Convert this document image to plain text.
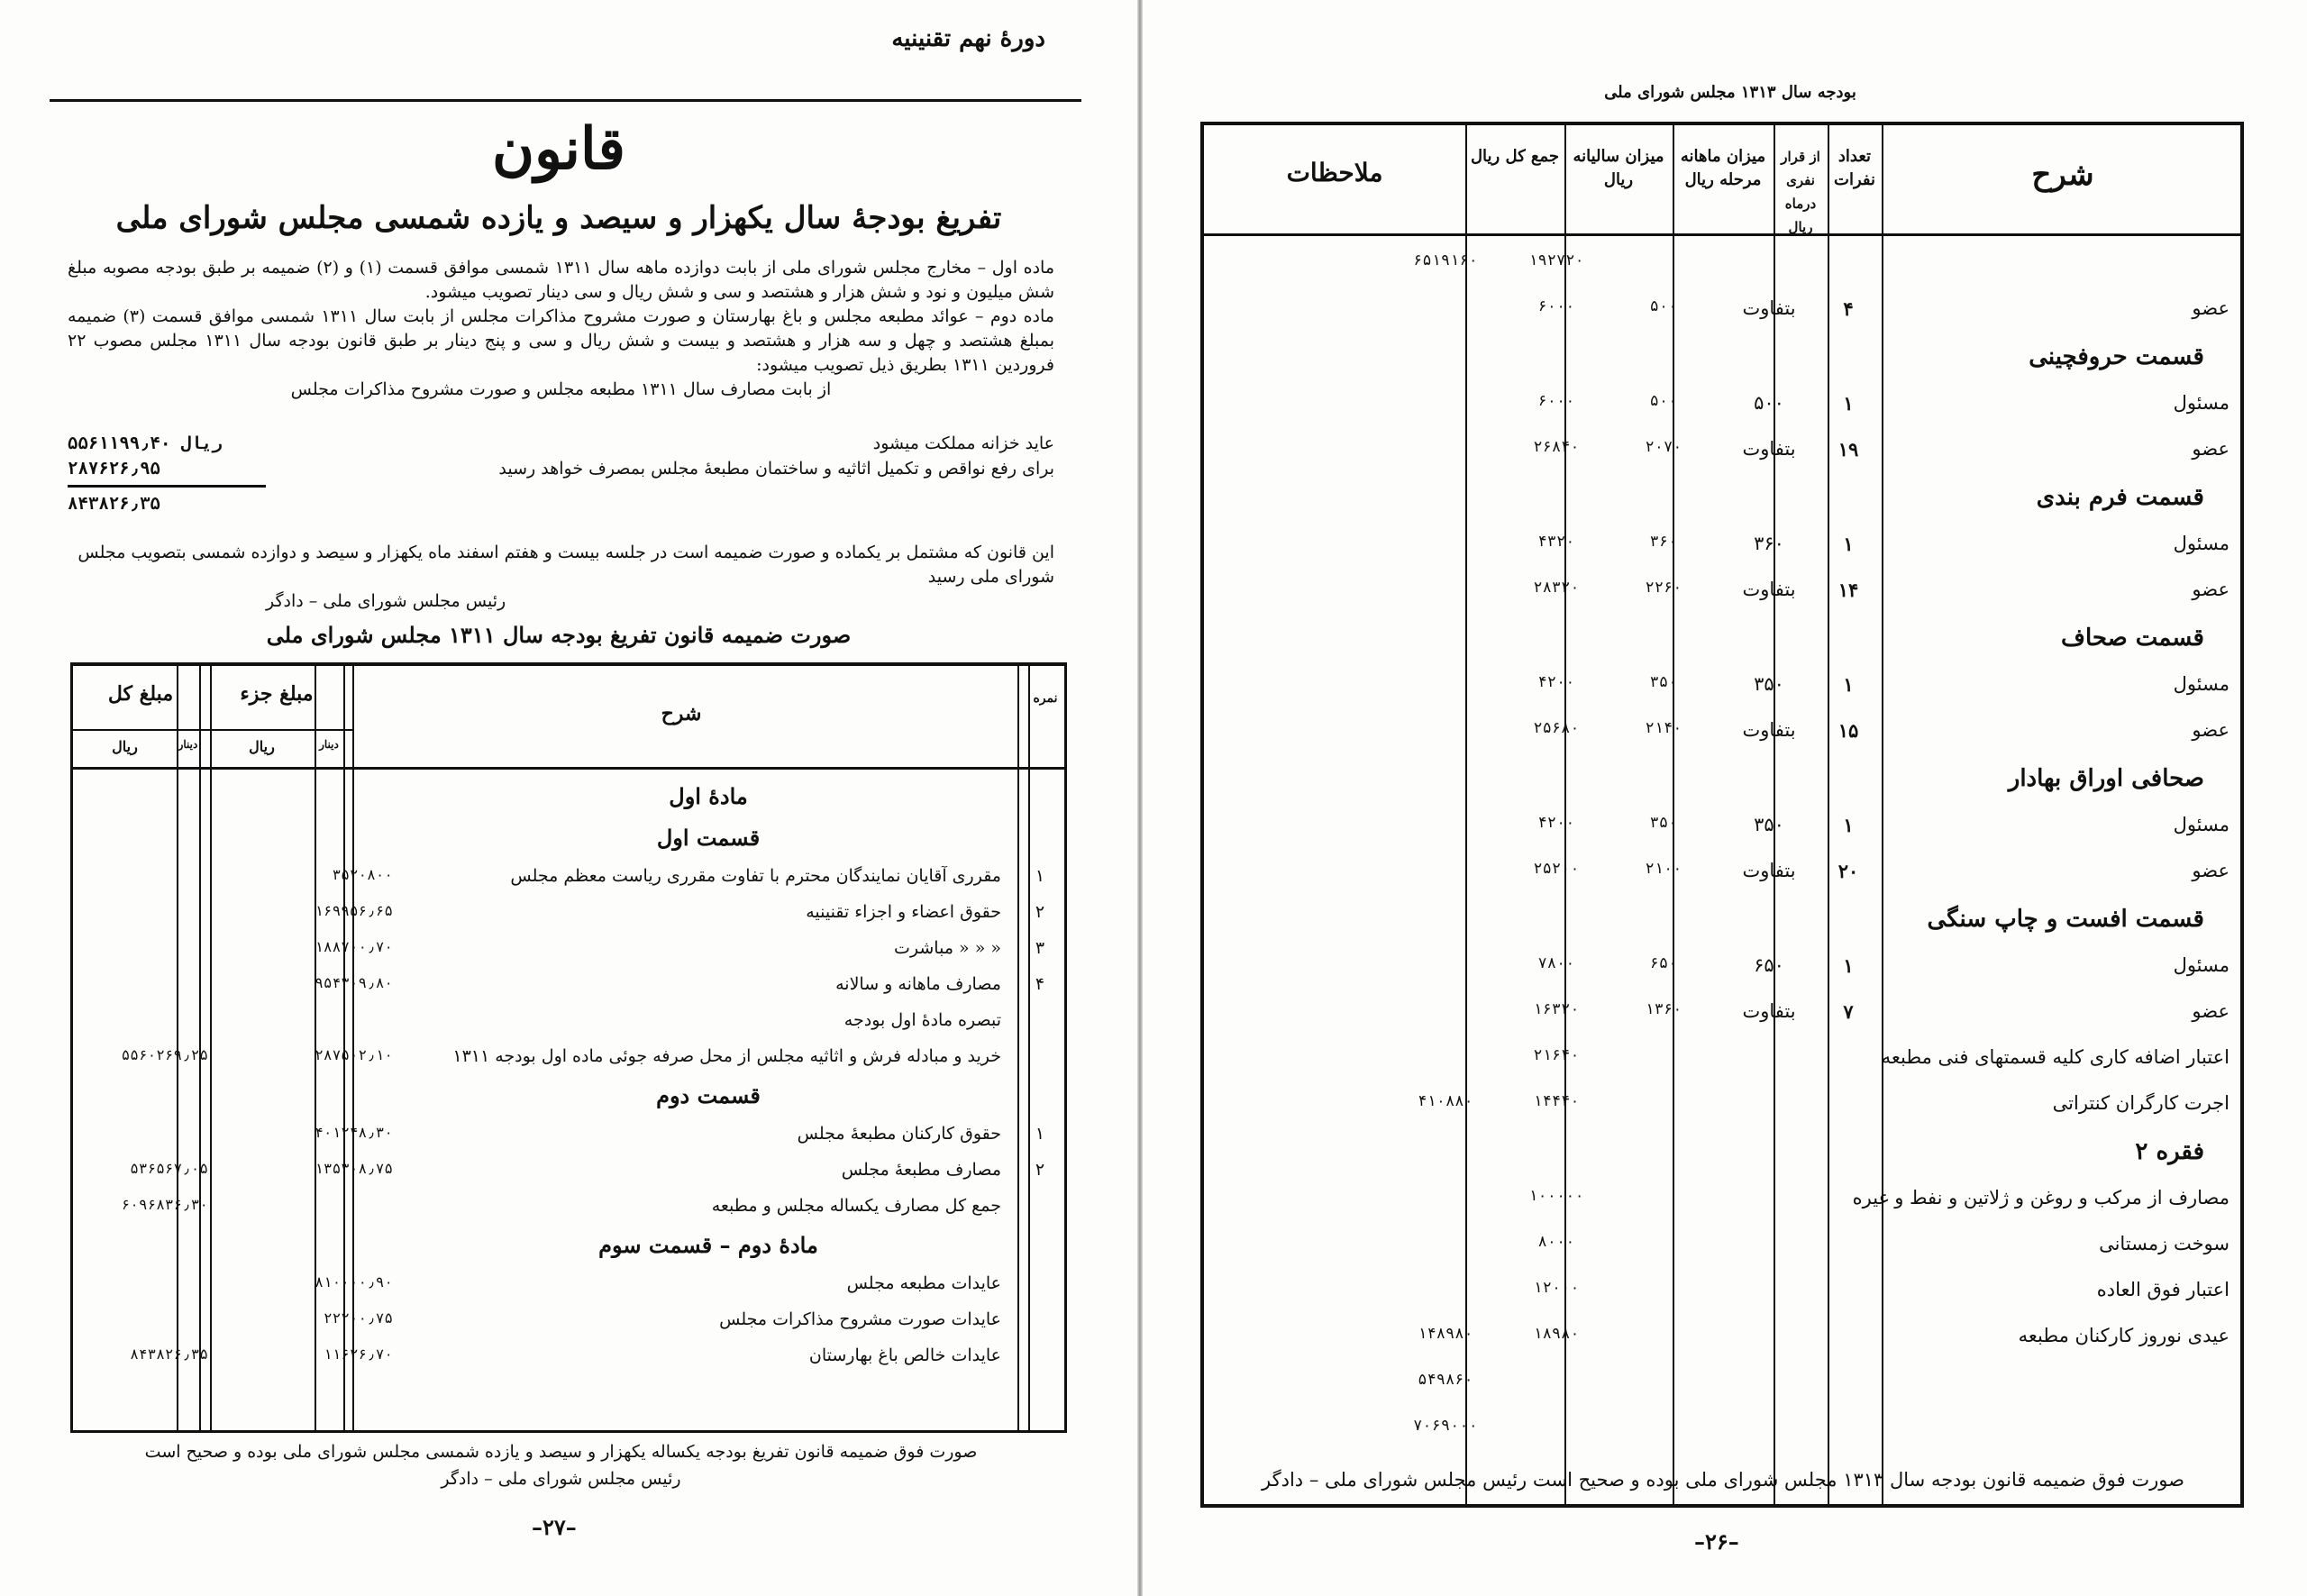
دورهٔ نهم تقنینیه
قانون
تفریغ بودجهٔ سال یکهزار و سیصد و یازده شمسی مجلس شورای ملی

ماده اول – مخارج مجلس شورای ملی از بابت دوازده ماهه سال ۱۳۱۱ شمسی موافق قسمت (۱) و (۲) ضمیمه بر طبق بودجه مصوبه مبلغ شش میلیون و نود و شش هزار و هشتصد و سی و شش ریال و سی دینار تصویب میشود.

ماده دوم – عوائد مطبعه مجلس و باغ بهارستان و صورت مشروح مذاکرات مجلس از بابت سال ۱۳۱۱ شمسی موافق قسمت (۳) ضمیمه بمبلغ هشتصد و چهل و سه هزار و هشتصد و بیست و شش ریال و سی و پنج دینار بر طبق قانون بودجه سال ۱۳۱۱ مجلس مصوب ۲۲ فروردین ۱۳۱۱ بطریق ذیل تصویب میشود:

از بابت مصارف سال ۱۳۱۱ مطبعه مجلس و صورت مشروح مذاکرات مجلس

عاید خزانه مملکت میشود
۵۵۶۱۱۹۹٫۴۰ ریال
برای رفع نواقص و تکمیل اثاثیه و ساختمان مطبعهٔ مجلس بمصرف خواهد رسید
۲۸۷۶۲۶٫۹۵
۸۴۳۸۲۶٫۳۵
این قانون که مشتمل بر یکماده و صورت ضمیمه است در جلسه بیست و هفتم اسفند ماه یکهزار و سیصد و دوازده شمسی بتصویب مجلس شورای ملی رسید
رئیس مجلس شورای ملی – دادگر
صورت ضمیمه قانون تفریغ بودجه سال ۱۳۱۱ مجلس شورای ملی
نمره
شرح
مبلغ جزء
مبلغ کل
ریال	دینار
ریال	دینار
مادهٔ اول
قسمت اول
۱
مقرری آقایان نمایندگان محترم با تفاوت مقرری ریاست معظم مجلس
۳۵۲۰۸۰۰
۲
حقوق اعضاء و اجزاء تقنینیه
۱۶۹۹۵۶٫۶۵
۳
« « « مباشرت
۱۸۸۷۰۰٫۷۰
۴
مصارف ماهانه و سالانه
۹۵۴۳۰۹٫۸۰
تبصره مادهٔ اول بودجه
خرید و مبادله فرش و اثاثیه مجلس از محل صرفه جوئی ماده اول بودجه ۱۳۱۱
۲۸۷۵۰۲٫۱۰
۵۵۶۰۲۶۹٫۲۵
قسمت دوم
۱
حقوق کارکنان مطبعهٔ مجلس
۴۰۱۲۴۸٫۳۰
۲
مصارف مطبعهٔ مجلس
۱۳۵۳۰۸٫۷۵
۵۳۶۵۶۷٫۰۵
جمع کل مصارف یکساله مجلس و مطبعه
۶۰۹۶۸۳۶٫۳۰
مادهٔ دوم – قسمت سوم
عایدات مطبعه مجلس
۸۱۰۰۰۰٫۹۰
عایدات صورت مشروح مذاکرات مجلس
۲۲۲۰۰٫۷۵
عایدات خالص باغ بهارستان
۱۱۶۲۶٫۷۰
۸۴۳۸۲۶٫۳۵
صورت فوق ضمیمه قانون تفریغ بودجه یکساله یکهزار و سیصد و یازده شمسی مجلس شورای ملی بوده و صحیح است
رئیس مجلس شورای ملی – دادگر
–۲۷–
بودجه سال ۱۳۱۳ مجلس شورای ملی
شرح
تعداد نفرات
از قرار نفری درماه ریال
میزان ماهانه مرحله ریال
میزان سالیانه ریال
جمع کل ریال
ملاحظات
۱۹۲۷۲۰
۶۵۱۹۱۶۰
عضو
۴
بتفاوت
۵۰۰
۶۰۰۰
قسمت حروفچینی
مسئول
۱
۵۰۰
۵۰۰
۶۰۰۰
عضو
۱۹
بتفاوت
۲۰۷۰
۲۶۸۴۰
قسمت فرم بندی
مسئول
۱
۳۶۰
۳۶۰
۴۳۲۰
عضو
۱۴
بتفاوت
۲۲۶۰
۲۸۳۲۰
قسمت صحاف
مسئول
۱
۳۵۰
۳۵۰
۴۲۰۰
عضو
۱۵
بتفاوت
۲۱۴۰
۲۵۶۸۰
صحافی اوراق بهادار
مسئول
۱
۳۵۰
۳۵۰
۴۲۰۰
عضو
۲۰
بتفاوت
۲۱۰۰
۲۵۲۰۰
قسمت افست و چاپ سنگی
مسئول
۱
۶۵۰
۶۵۰
۷۸۰۰
عضو
۷
بتفاوت
۱۳۶۰
۱۶۳۲۰
اعتبار اضافه کاری کلیه قسمتهای فنی مطبعه
۲۱۶۴۰
اجرت کارگران کنتراتی
۱۴۴۴۰
۴۱۰۸۸۰
فقره ۲
مصارف از مرکب و روغن و ژلاتین و نفط و غیره
۱۰۰۰۰۰
سوخت زمستانی
۸۰۰۰
اعتبار فوق العاده
۱۲۰۰۰
عیدی نوروز کارکنان مطبعه
۱۸۹۸۰
۱۴۸۹۸۰
۵۴۹۸۶۰
۷۰۶۹۰۰۰
صورت فوق ضمیمه قانون بودجه سال ۱۳۱۳ مجلس شورای ملی بوده و صحیح است رئیس مجلس شورای ملی – دادگر
–۲۶–
